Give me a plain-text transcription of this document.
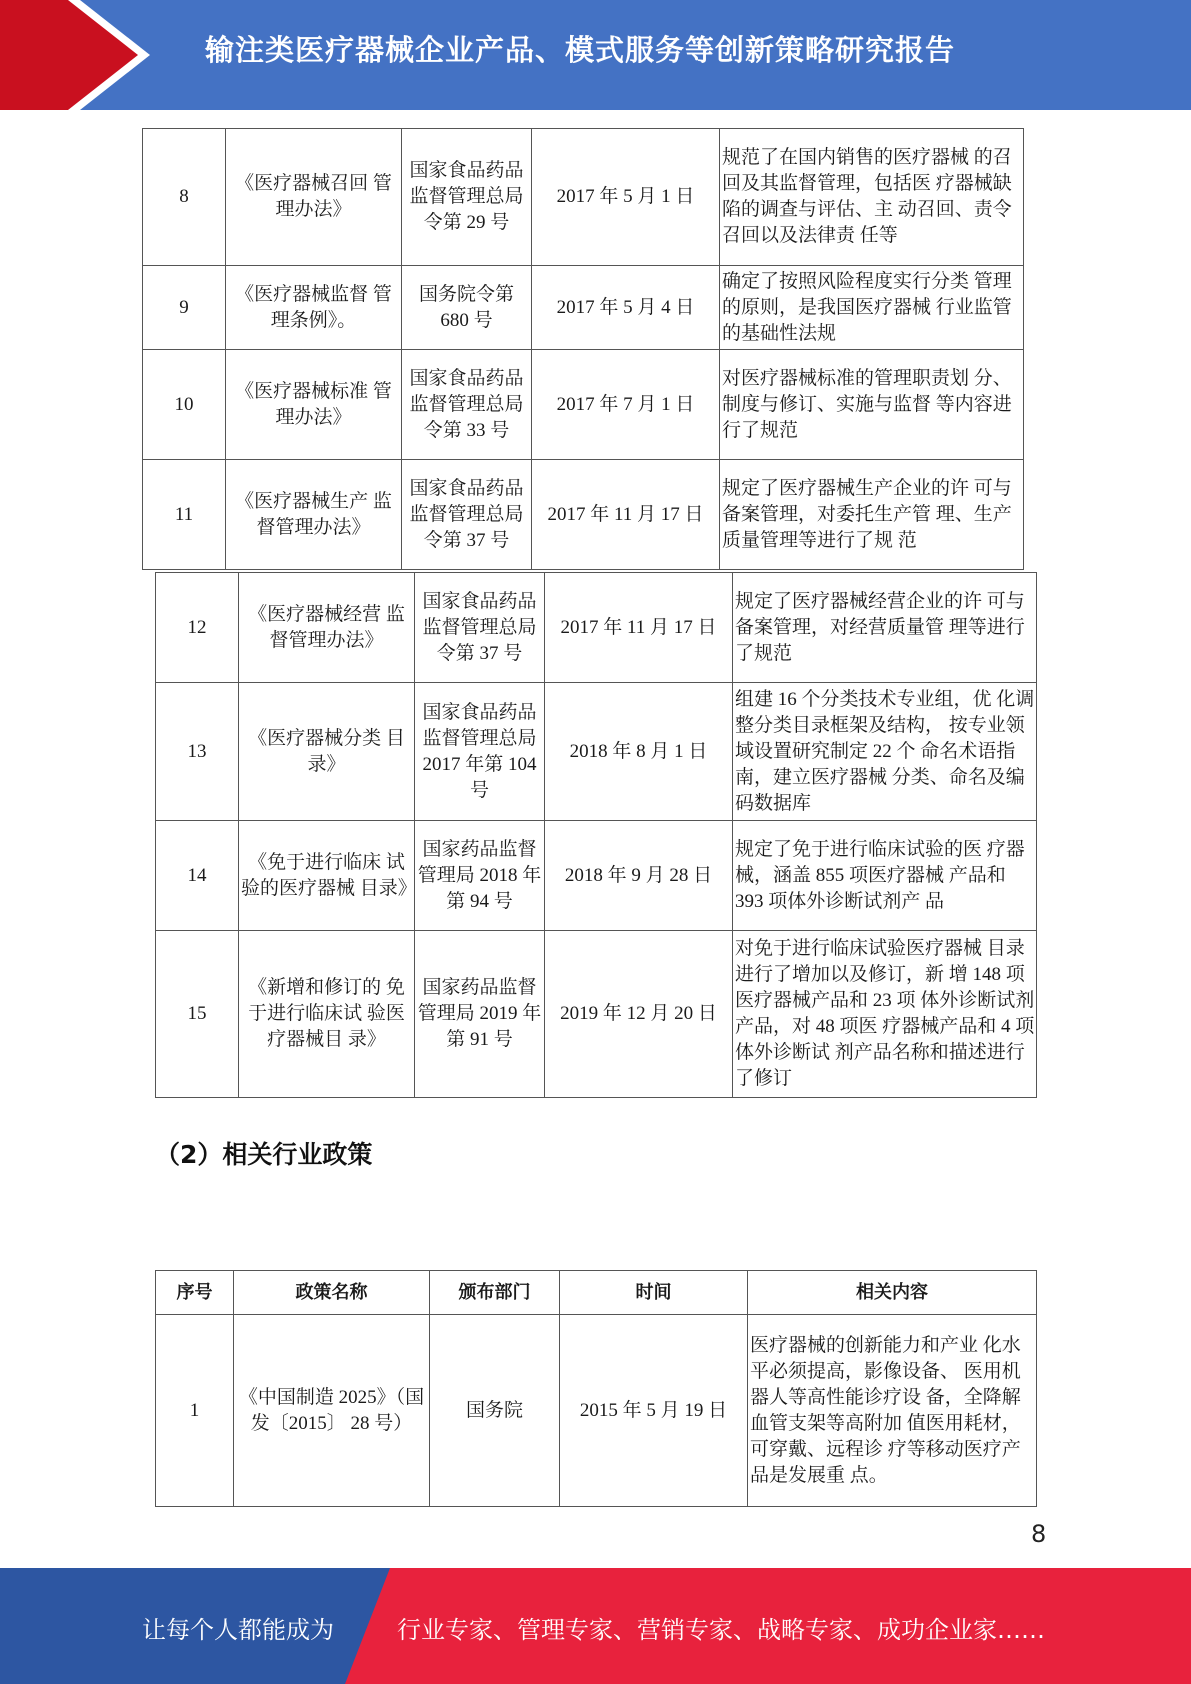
输注类医疗器械企业产品、模式服务等创新策略研究报告
8	《医疗器械召回 管理办法》	国家食品药品监督管理总局令第 29 号	2017 年 5 月 1 日	规范了在国内销售的医疗器械 的召回及其监督管理，包括医 疗器械缺陷的调查与评估、主 动召回、责令召回以及法律责 任等
9	《医疗器械监督 管理条例》。	国务院令第 680 号	2017 年 5 月 4 日	确定了按照风险程度实行分类 管理的原则，是我国医疗器械 行业监管的基础性法规
10	《医疗器械标准 管理办法》	国家食品药品监督管理总局令第 33 号	2017 年 7 月 1 日	对医疗器械标准的管理职责划 分、制度与修订、实施与监督 等内容进行了规范
11	《医疗器械生产 监督管理办法》	国家食品药品监督管理总局令第 37 号	2017 年 11 月 17 日	规定了医疗器械生产企业的许 可与备案管理，对委托生产管 理、生产质量管理等进行了规 范
12	《医疗器械经营 监督管理办法》	国家食品药品监督管理总局令第 37 号	2017 年 11 月 17 日	规定了医疗器械经营企业的许 可与备案管理，对经营质量管 理等进行了规范
13	《医疗器械分类 目录》	国家食品药品监督管理总局 2017 年第 104 号	2018 年 8 月 1 日	组建 16 个分类技术专业组，优 化调整分类目录框架及结构， 按专业领域设置研究制定 22 个 命名术语指南，建立医疗器械 分类、命名及编码数据库
14	《免于进行临床 试验的医疗器械 目录》	国家药品监督管理局 2018 年第 94 号	2018 年 9 月 28 日	规定了免于进行临床试验的医 疗器械，涵盖 855 项医疗器械 产品和 393 项体外诊断试剂产 品
15	《新增和修订的 免于进行临床试 验医疗器械目 录》	国家药品监督管理局 2019 年第 91 号	2019 年 12 月 20 日	对免于进行临床试验医疗器械 目录进行了增加以及修订，新 增 148 项医疗器械产品和 23 项 体外诊断试剂产品，对 48 项医 疗器械产品和 4 项体外诊断试 剂产品名称和描述进行了修订
（2）相关行业政策
序号	政策名称	颁布部门	时间	相关内容
1	《中国制造 2025》（国发〔2015〕 28 号）	国务院	2015 年 5 月 19 日	医疗器械的创新能力和产业 化水平必须提高，影像设备、 医用机器人等高性能诊疗设 备，全降解血管支架等高附加 值医用耗材，可穿戴、远程诊 疗等移动医疗产品是发展重 点。
8
让每个人都能成为	行业专家、管理专家、营销专家、战略专家、成功企业家……
